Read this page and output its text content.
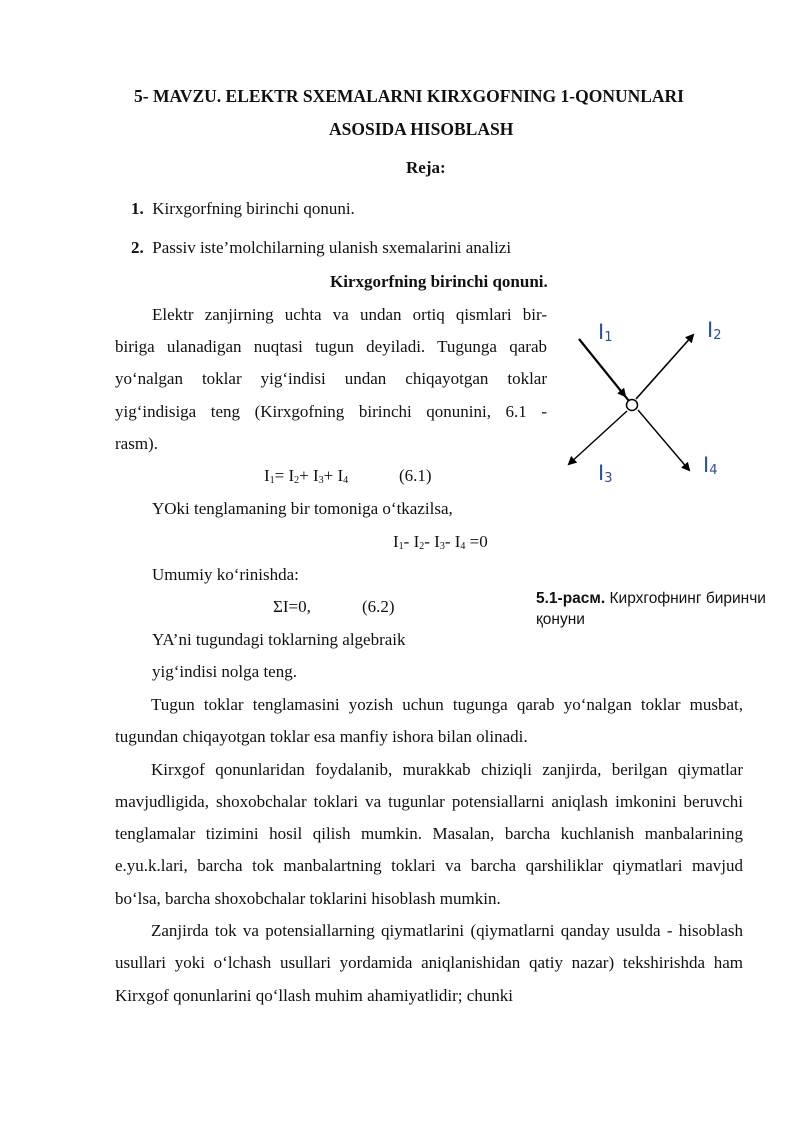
5- MAVZU. ELEKTR SXEMALARNI KIRXGOFNING 1-QONUNLARI
ASOSIDA HISOBLASH
Reja:
1. Kirxgorfning birinchi qonuni.
2. Passiv iste’molchilarning ulanish sxemalarini analizi
Kirxgorfning birinchi qonuni.
Elektr zanjirning uchta va undan ortiq qismlari bir-
biriga ulanadigan nuqtasi tugun deyiladi. Tugunga qarab
yo‘nalgan toklar yig‘indisi undan chiqayotgan toklar
yig‘indisiga teng (Kirxgofning birinchi qonunini, 6.1 -
rasm).
$I_1= I_2+ I_3+ I_4$	(6.1)
YOki tenglamaning bir tomoniga o‘tkazilsa,
$I_1-$ $I_2-$ $I_3-$ $I_4 =0$
Umumiy ko‘rinishda:
ΣI=0,	(6.2)
YA’ni tugundagi toklarning algebraik
yig‘indisi nolga teng.
$I_1$	$I_2$
$I_3$
$I_4$
5.1-расм. Кирхгофнинг биринчи қонуни

Tugun toklar tenglamasini yozish uchun tugunga qarab yo‘nalgan toklar musbat, tugundan chiqayotgan toklar esa manfiy ishora bilan olinadi.

Kirxgof qonunlaridan foydalanib, murakkab chiziqli zanjirda, berilgan qiymatlar mavjudligida, shoxobchalar toklari va tugunlar potensiallarni aniqlash imkonini beruvchi tenglamalar tizimini hosil qilish mumkin. Masalan, barcha kuchlanish manbalarining e.yu.k.lari, barcha tok manbalartning toklari va barcha qarshiliklar qiymatlari mavjud bo‘lsa, barcha shoxobchalar toklarini hisoblash mumkin.

Zanjirda tok va potensiallarning qiymatlarini (qiymatlarni qanday usulda - hisoblash usullari yoki o‘lchash usullari yordamida aniqlanishidan qatiy nazar) tekshirishda ham Kirxgof qonunlarini qo‘llash muhim ahamiyatlidir; chunki
